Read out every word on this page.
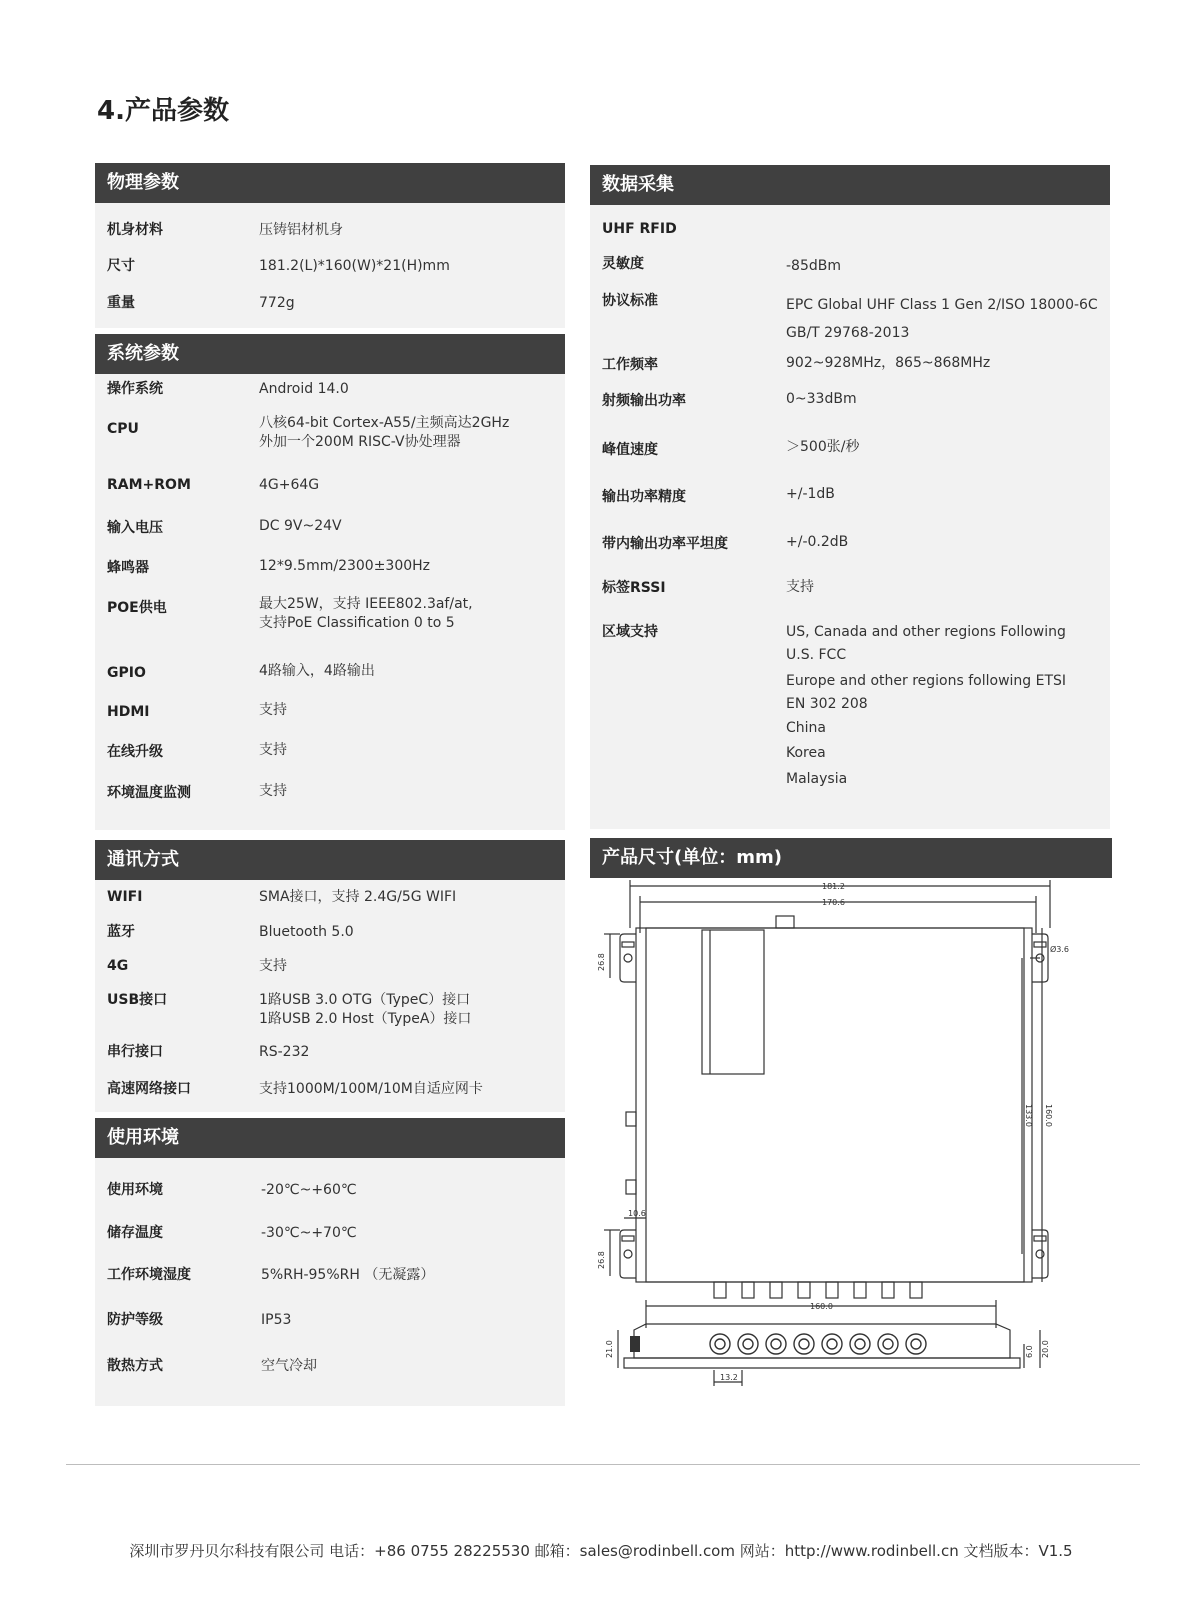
4.产品参数
物理参数
机身材料	压铸铝材机身
尺寸	181.2(L)*160(W)*21(H)mm
重量	772g
系统参数
操作系统	Android 14.0
CPU	八核64-bit Cortex-A55/主频高达2GHz
外加一个200M RISC-V协处理器
RAM+ROM	4G+64G
输入电压	DC 9V~24V
蜂鸣器	12*9.5mm/2300±300Hz
POE供电	最大25W，支持 IEEE802.3af/at,
支持PoE Classification 0 to 5
GPIO	4路输入，4路输出
HDMI	支持
在线升级	支持
环境温度监测	支持
通讯方式
WIFI	SMA接口，支持 2.4G/5G WIFI
蓝牙	Bluetooth 5.0
4G	支持
USB接口	1路USB 3.0 OTG（TypeC）接口
1路USB 2.0 Host（TypeA）接口
串行接口	RS-232
高速网络接口	支持1000M/100M/10M自适应网卡
使用环境
使用环境	-20℃~+60℃
储存温度	-30℃~+70℃
工作环境湿度	5%RH-95%RH （无凝露）
防护等级	IP53
散热方式	空气冷却
数据采集
UHF RFID
灵敏度	-85dBm
协议标准	EPC Global UHF Class 1 Gen 2/ISO 18000-6C
GB/T 29768-2013
工作频率	902~928MHz，865~868MHz
射频输出功率	0~33dBm
峰值速度	＞500张/秒
输出功率精度	+/-1dB
带内输出功率平坦度	+/-0.2dB
标签RSSI	支持
区域支持	US, Canada and other regions Following
U.S. FCC
Europe and other regions following ETSI
EN 302 208
China
Korea
Malaysia
产品尺寸(单位：mm)
181.2
170.6
Ø3.6
26.8
26.8
133.0 160.0
10.6
160.0
21.0	6.0 20.0
13.2
深圳市罗丹贝尔科技有限公司 电话：+86 0755 28225530 邮箱：sales@rodinbell.com 网站：http://www.rodinbell.cn 文档版本：V1.5
